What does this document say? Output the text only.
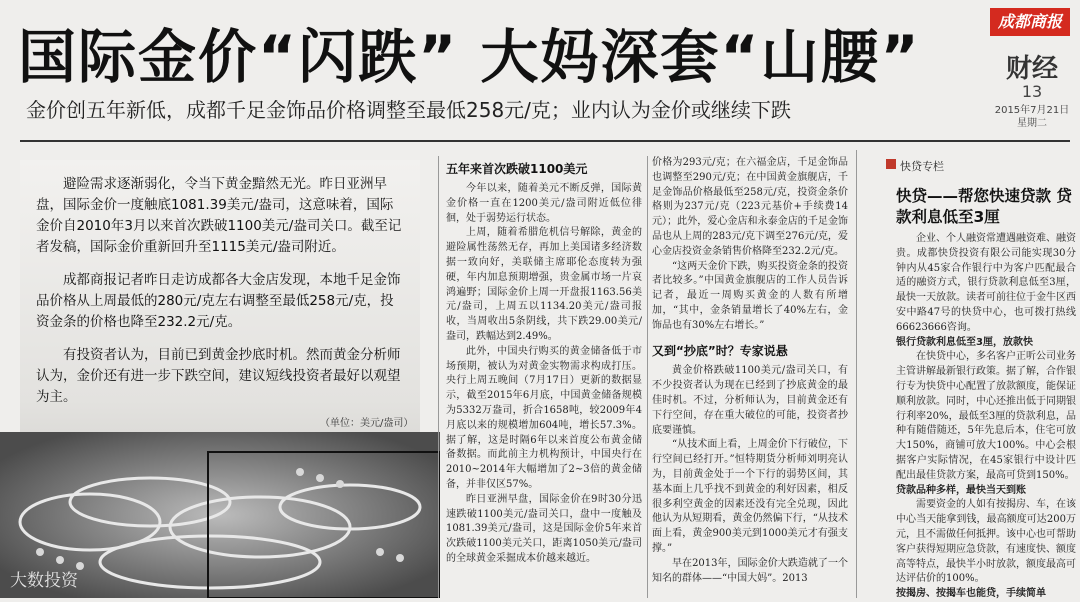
成都商报
财经
13
2015年7月21日
星期二
国际金价“闪跌” 大妈深套“山腰”
金价创五年新低，成都千足金饰品价格调整至最低258元/克；业内认为金价或继续下跌

避险需求逐渐弱化，令当下黄金黯然无光。昨日亚洲早盘，国际金价一度触底1081.39美元/盎司，这意味着，国际金价自2010年3月以来首次跌破1100美元/盎司关口。截至记者发稿，国际金价重新回升至1115美元/盎司附近。

成都商报记者昨日走访成都各大金店发现，本地千足金饰品价格从上周最低的280元/克左右调整至最低258元/克，投资金条的价格也降至232.2元/克。

有投资者认为，目前已到黄金抄底时机。然而黄金分析师认为，金价还有进一步下跌空间，建议短线投资者最好以观望为主。

（单位：美元/盎司）
大数投资
五年来首次跌破1100美元

今年以来，随着美元不断反弹，国际黄金价格一直在1200美元/盎司附近低位徘徊，处于弱势运行状态。

上周，随着希腊危机信号解除，黄金的避险属性荡然无存，再加上美国诸多经济数据一致向好，美联储主席耶伦态度转为强硬，年内加息预期增强，贵金属市场一片哀鸿遍野；国际金价上周一开盘报1163.56美元/盎司，上周五以1134.20美元/盎司报收，当周收出5条阴线，共下跌29.00美元/盎司，跌幅达到2.49%。

此外，中国央行购买的黄金储备低于市场预期，被认为对黄金实物需求构成打压。央行上周五晚间（7月17日）更新的数据显示，截至2015年6月底，中国黄金储备规模为5332万盎司，折合1658吨，较2009年4月底以来的规模增加604吨，增长57.3%。据了解，这是时隔6年以来首度公布黄金储备数据。而此前主力机构预计，中国央行在2010~2014年大幅增加了2~3倍的黄金储备，并非仅区57%。

昨日亚洲早盘，国际金价在9时30分迅速跌破1100美元/盎司关口，盘中一度触及1081.39美元/盎司，这是国际金价5年来首次跌破1100美元关口，距离1050美元/盎司的全球黄金采掘成本价越来越近。

价格为293元/克；在六福金店，千足金饰品也调整至290元/克；在中国黄金旗舰店，千足金饰品价格最低至258元/克，投资金条价格则为237元/克（223元基价+手续费14元）；此外，爱心金店和永泰金店的千足金饰品也从上周的283元/克下调至276元/克，爱心金店投资金条销售价格降至232.2元/克。

“这两天金价下跌，购买投资金条的投资者比较多。”中国黄金旗舰店的工作人员告诉记者，最近一周购买黄金的人数有所增加，“其中，金条销量增长了40%左右，金饰品也有30%左右增长。”

又到“抄底”时？专家说悬

黄金价格跌破1100美元/盎司关口，有不少投资者认为现在已经到了抄底黄金的最佳时机。不过，分析师认为，目前黄金还有下行空间，存在重大破位的可能，投资者抄底要谨慎。

“从技术面上看，上周金价下行破位，下行空间已经打开。”恒特期货分析师刘明亮认为，目前黄金处于一个下行的弱势区间，其基本面上几乎找不到黄金的利好因素，相反很多利空黄金的因素还没有完全兑现，因此他认为从短期看，黄金仍然偏下行，“从技术面上看，黄金900美元到1000美元才有强支撑。”

早在2013年，国际金价大跌造就了一个知名的群体——“中国大妈”。2013

快贷专栏
快贷——帮您快速贷款 贷款利息低至3厘

企业、个人融资常遭遇融资难、融资贵。成都快贷投资有限公司能实现30分钟内从45家合作银行中为客户匹配最合适的融资方式，银行贷款利息低至3厘，最快一天放款。读者可前往位于金牛区西安中路47号的快贷中心，也可拨打热线66623666咨询。

银行贷款利息低至3厘，放款快

在快贷中心，多名客户正听公司业务主管讲解最新银行政策。据了解，合作银行专为快贷中心配置了放款额度，能保证顺利放款。同时，中心还推出低于同期银行利率20%，最低至3厘的贷款利息，品种有随借随还，5年先息后本，住宅可放大150%，商铺可放大100%。中心会根据客户实际情况，在45家银行中设计匹配出最佳贷款方案，最高可贷到150%。

贷款品种多样，最快当天到账

需要资金的人如有按揭房、车，在该中心当天能拿到钱，最高额度可达200万元，且不需做任何抵押。该中心也可帮助客户获得短期应急贷款，有速度快、额度高等特点，最快半小时放款，额度最高可达评估价的100%。

按揭房、按揭车也能贷，手续简单
